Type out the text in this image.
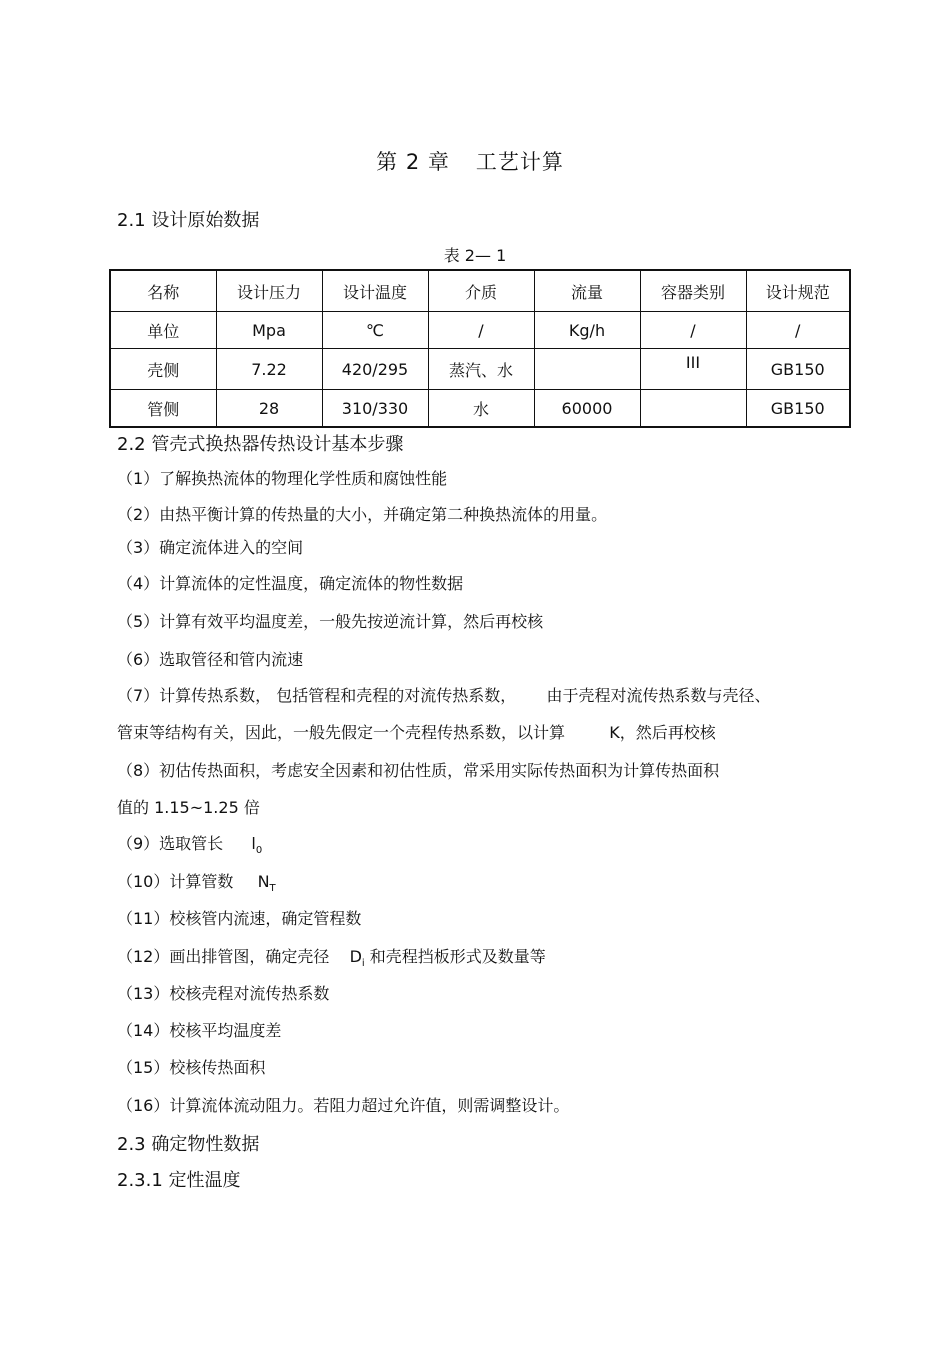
第 2 章 工艺计算
2.1 设计原始数据
表 2— 1
名称	设计压力	设计温度	介质	流量	容器类别	设计规范
单位	Mpa	℃	/	Kg/h	/	/
壳侧	7.22	420/295	蒸汽、水		III	GB150
管侧	28	310/330	水	60000		GB150
2.2 管壳式换热器传热设计基本步骤
（1）了解换热流体的物理化学性质和腐蚀性能
（2）由热平衡计算的传热量的大小，并确定第二种换热流体的用量。
（3）确定流体进入的空间
（4）计算流体的定性温度，确定流体的物性数据
（5）计算有效平均温度差，一般先按逆流计算，然后再校核
（6）选取管径和管内流速
（7）计算传热系数， 包括管程和壳程的对流传热系数， 由于壳程对流传热系数与壳径、
管束等结构有关，因此，一般先假定一个壳程传热系数，以计算	K，然后再校核
（8）初估传热面积，考虑安全因素和初估性质，常采用实际传热面积为计算传热面积
值的 1.15~1.25 倍
（9）选取管长 $l_0$
（10）计算管数 $N_T$
（11）校核管内流速，确定管程数
（12）画出排管图，确定壳径 $D_i$ 和壳程挡板形式及数量等
（13）校核壳程对流传热系数
（14）校核平均温度差
（15）校核传热面积
（16）计算流体流动阻力。若阻力超过允许值，则需调整设计。
2.3 确定物性数据
2.3.1 定性温度
